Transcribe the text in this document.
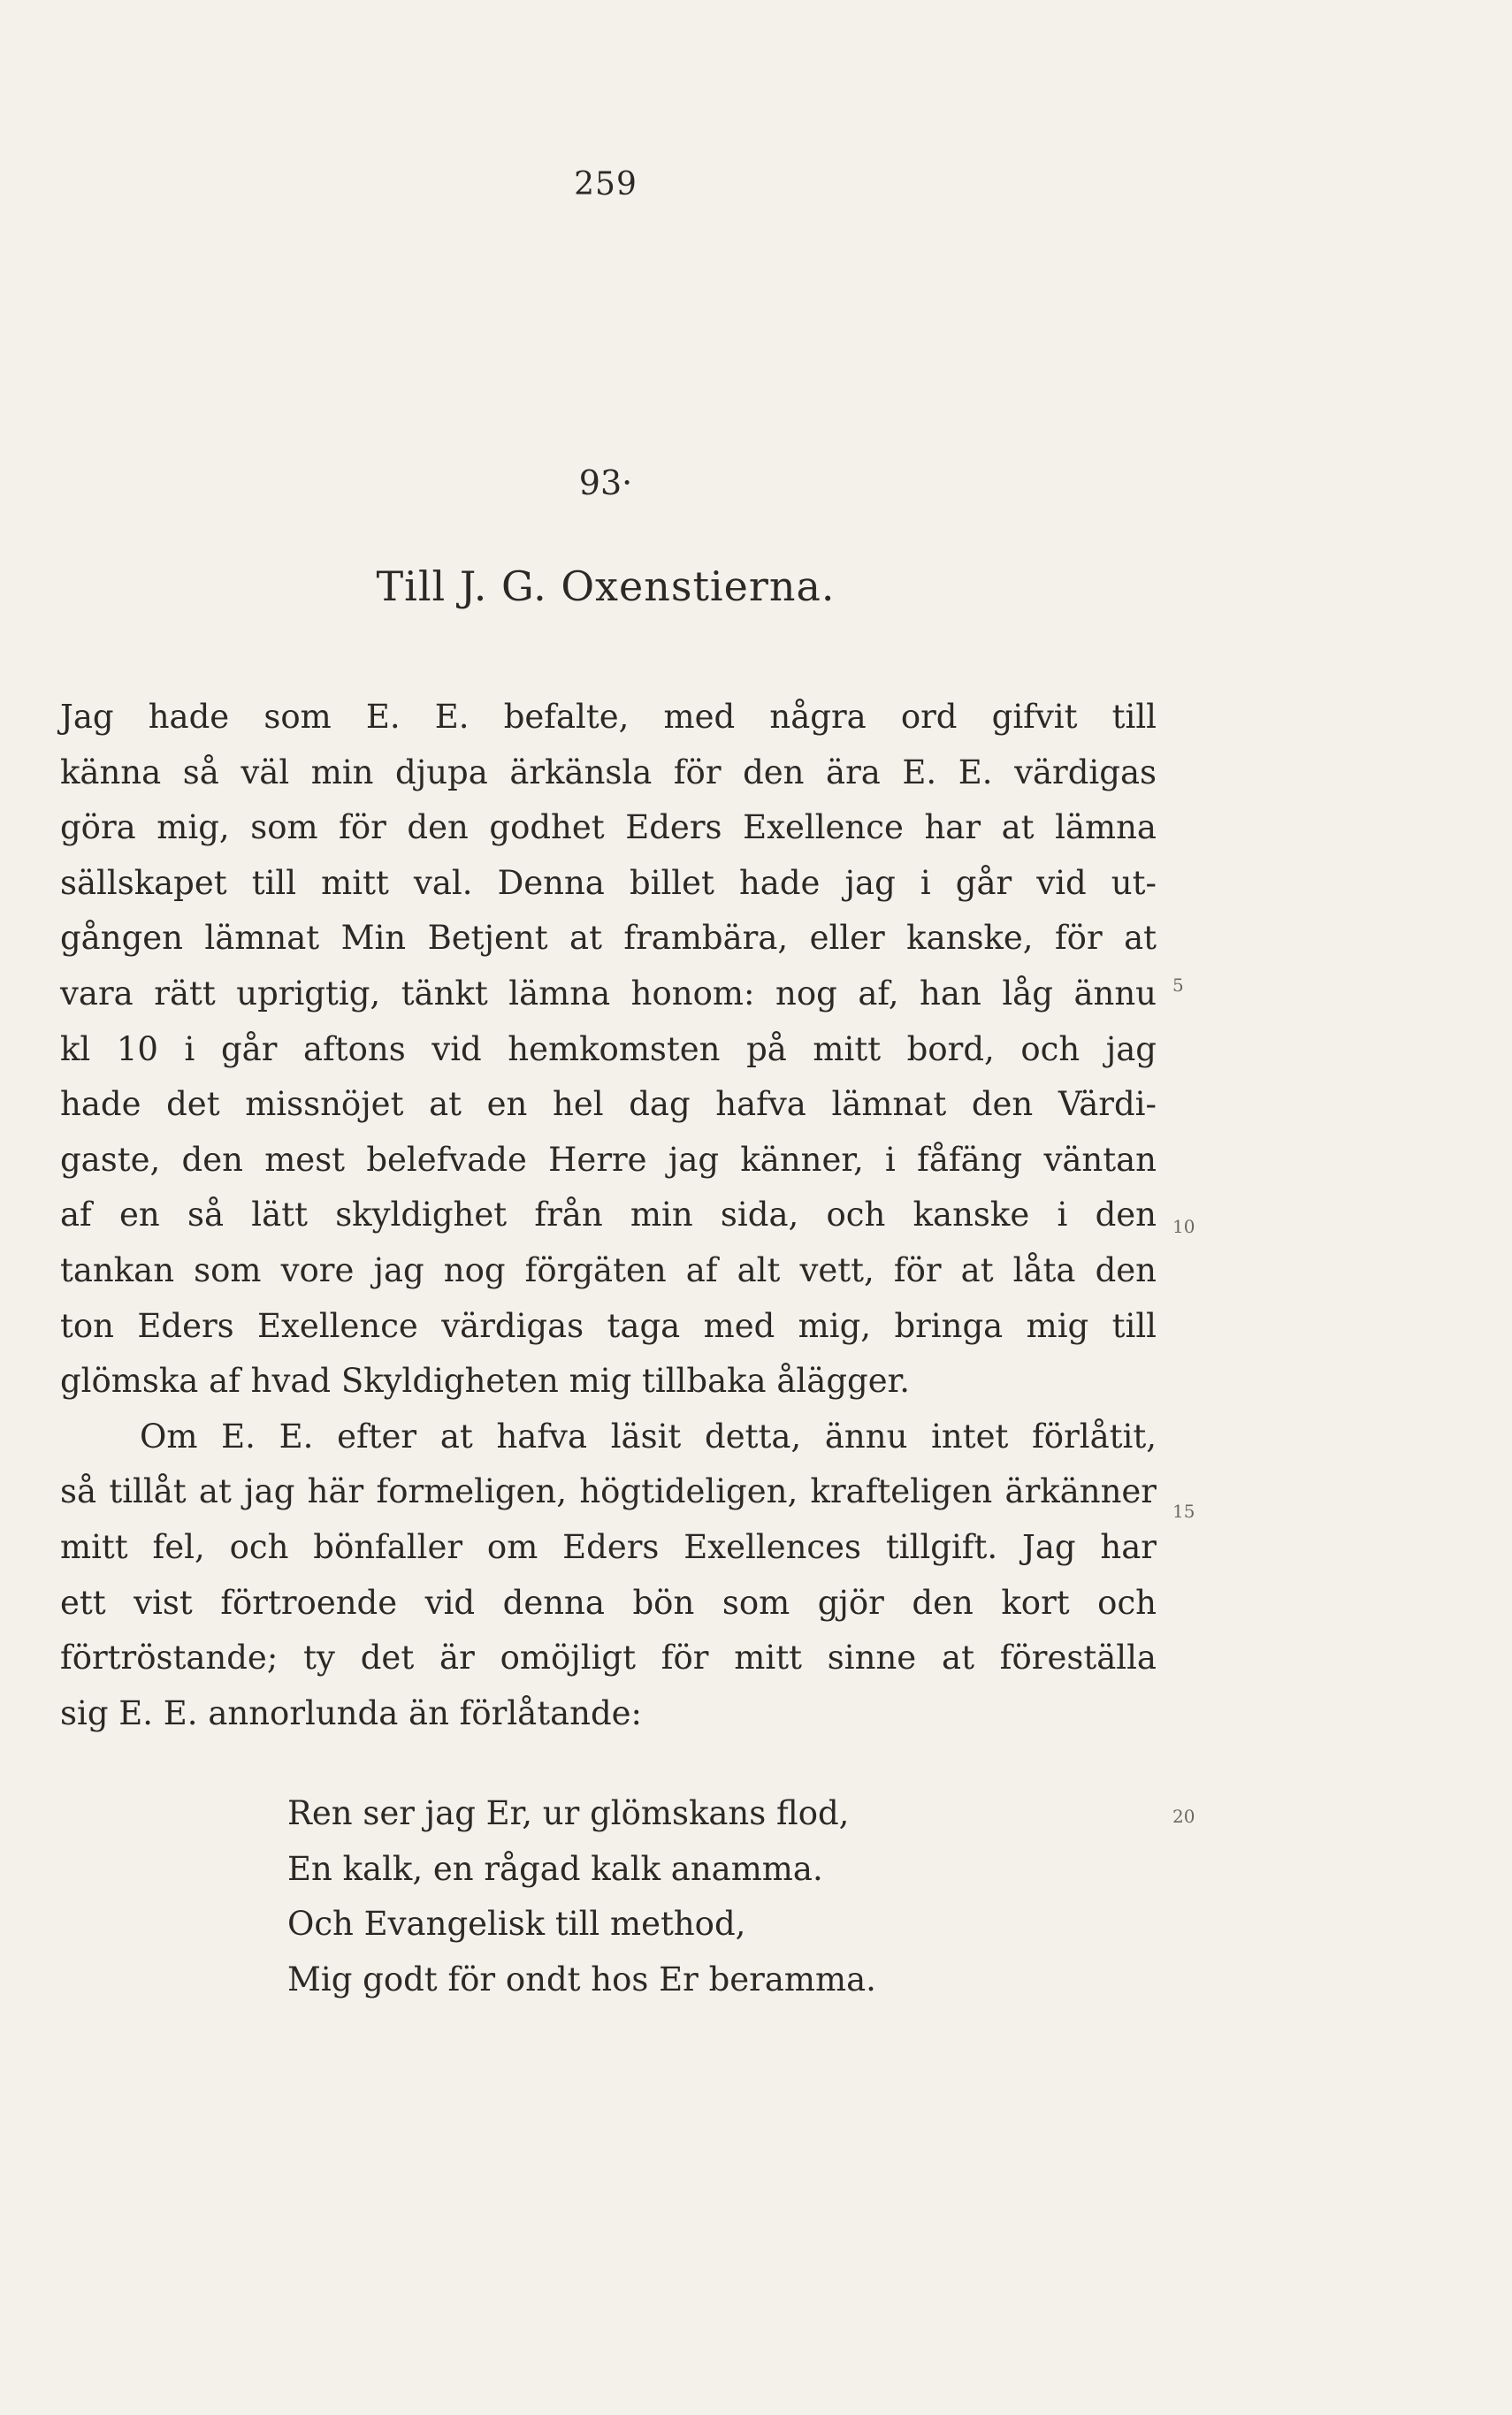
259
93·
Till J. G. Oxenstierna.
Jag hade som E. E. befalte, med några ord gifvit till
känna så väl min djupa ärkänsla för den ära E. E. värdigas
göra mig, som för den godhet Eders Exellence har at lämna
sällskapet till mitt val. Denna billet hade jag i går vid ut-
gången lämnat Min Betjent at frambära, eller kanske, för at
vara rätt uprigtig, tänkt lämna honom: nog af, han låg ännu
kl 10 i går aftons vid hemkomsten på mitt bord, och jag
hade det missnöjet at en hel dag hafva lämnat den Värdi-
gaste, den mest belefvade Herre jag känner, i fåfäng väntan
af en så lätt skyldighet från min sida, och kanske i den
tankan som vore jag nog förgäten af alt vett, för at låta den
ton Eders Exellence värdigas taga med mig, bringa mig till
glömska af hvad Skyldigheten mig tillbaka ålägger.
Om E. E. efter at hafva läsit detta, ännu intet förlåtit,
så tillåt at jag här formeligen, högtideligen, krafteligen ärkänner
mitt fel, och bönfaller om Eders Exellences tillgift. Jag har
ett vist förtroende vid denna bön som gjör den kort och
förtröstande; ty det är omöjligt för mitt sinne at föreställa
sig E. E. annorlunda än förlåtande:
Ren ser jag Er, ur glömskans flod,
En kalk, en rågad kalk anamma.
Och Evangelisk till method,
Mig godt för ondt hos Er beramma.
5
10
15
20
